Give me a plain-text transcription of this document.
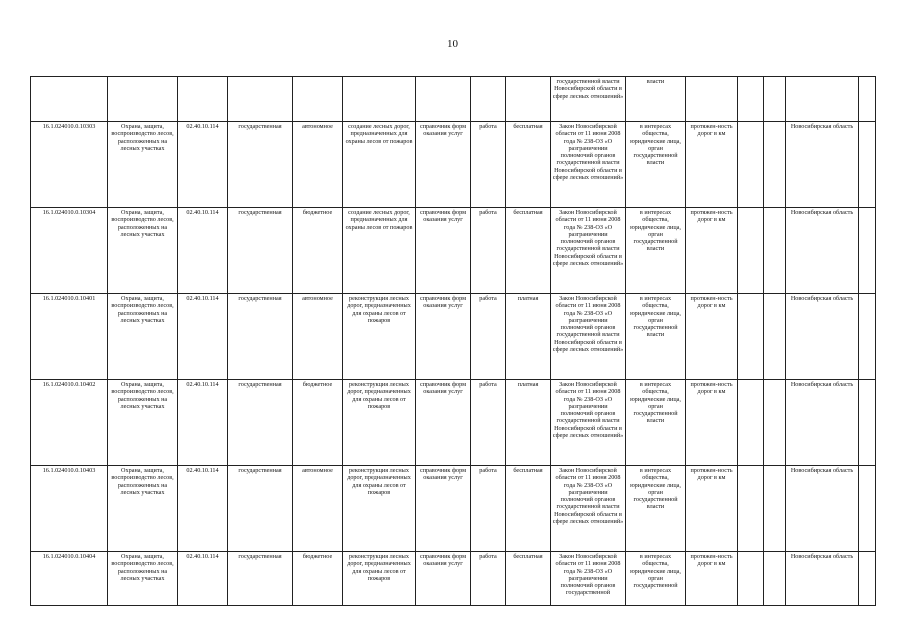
10
									государственной власти Новосибирской области в сфере лесных отношений»	власти					
16.1.024010.0.10303	Охрана, защита, воспроизводство лесов, расположенных на лесных участках	02.40.10.114	государственная	автономное	создание лесных дорог, предназначенных для охраны лесов от пожаров	справочник форм оказания услуг	работа	бесплатная	Закон Новосибирской области от 11 июня 2008 года № 238-ОЗ «О разграничении полномочий органов государственной власти Новосибирской области в сфере лесных отношений»	в интересах общества, юридические лица, орган государственной власти	протяжен-ность дорог в км			Новосибирская область	
16.1.024010.0.10304	Охрана, защита, воспроизводство лесов, расположенных на лесных участках	02.40.10.114	государственная	бюджетное	создание лесных дорог, предназначенных для охраны лесов от пожаров	справочник форм оказания услуг	работа	бесплатная	Закон Новосибирской области от 11 июня 2008 года № 238-ОЗ «О разграничении полномочий органов государственной власти Новосибирской области в сфере лесных отношений»	в интересах общества, юридические лица, орган государственной власти	протяжен-ность дорог в км			Новосибирская область	
16.1.024010.0.10401	Охрана, защита, воспроизводство лесов, расположенных на лесных участках	02.40.10.114	государственная	автономное	реконструкция лесных дорог, предназначенных для охраны лесов от пожаров	справочник форм оказания услуг	работа	платная	Закон Новосибирской области от 11 июня 2008 года № 238-ОЗ «О разграничении полномочий органов государственной власти Новосибирской области в сфере лесных отношений»	в интересах общества, юридические лица, орган государственной власти	протяжен-ность дорог в км			Новосибирская область	
16.1.024010.0.10402	Охрана, защита, воспроизводство лесов, расположенных на лесных участках	02.40.10.114	государственная	бюджетное	реконструкция лесных дорог, предназначенных для охраны лесов от пожаров	справочник форм оказания услуг	работа	платная	Закон Новосибирской области от 11 июня 2008 года № 238-ОЗ «О разграничении полномочий органов государственной власти Новосибирской области в сфере лесных отношений»	в интересах общества, юридические лица, орган государственной власти	протяжен-ность дорог в км			Новосибирская область	
16.1.024010.0.10403	Охрана, защита, воспроизводство лесов, расположенных на лесных участках	02.40.10.114	государственная	автономное	реконструкция лесных дорог, предназначенных для охраны лесов от пожаров	справочник форм оказания услуг	работа	бесплатная	Закон Новосибирской области от 11 июня 2008 года № 238-ОЗ «О разграничении полномочий органов государственной власти Новосибирской области в сфере лесных отношений»	в интересах общества, юридические лица, орган государственной власти	протяжен-ность дорог в км			Новосибирская область	
16.1.024010.0.10404	Охрана, защита, воспроизводство лесов, расположенных на лесных участках	02.40.10.114	государственная	бюджетное	реконструкция лесных дорог, предназначенных для охраны лесов от пожаров	справочник форм оказания услуг	работа	бесплатная	Закон Новосибирской области от 11 июня 2008 года № 238-ОЗ «О разграничении полномочий органов государственной	в интересах общества, юридические лица, орган государственной	протяжен-ность дорог в км			Новосибирская область	
